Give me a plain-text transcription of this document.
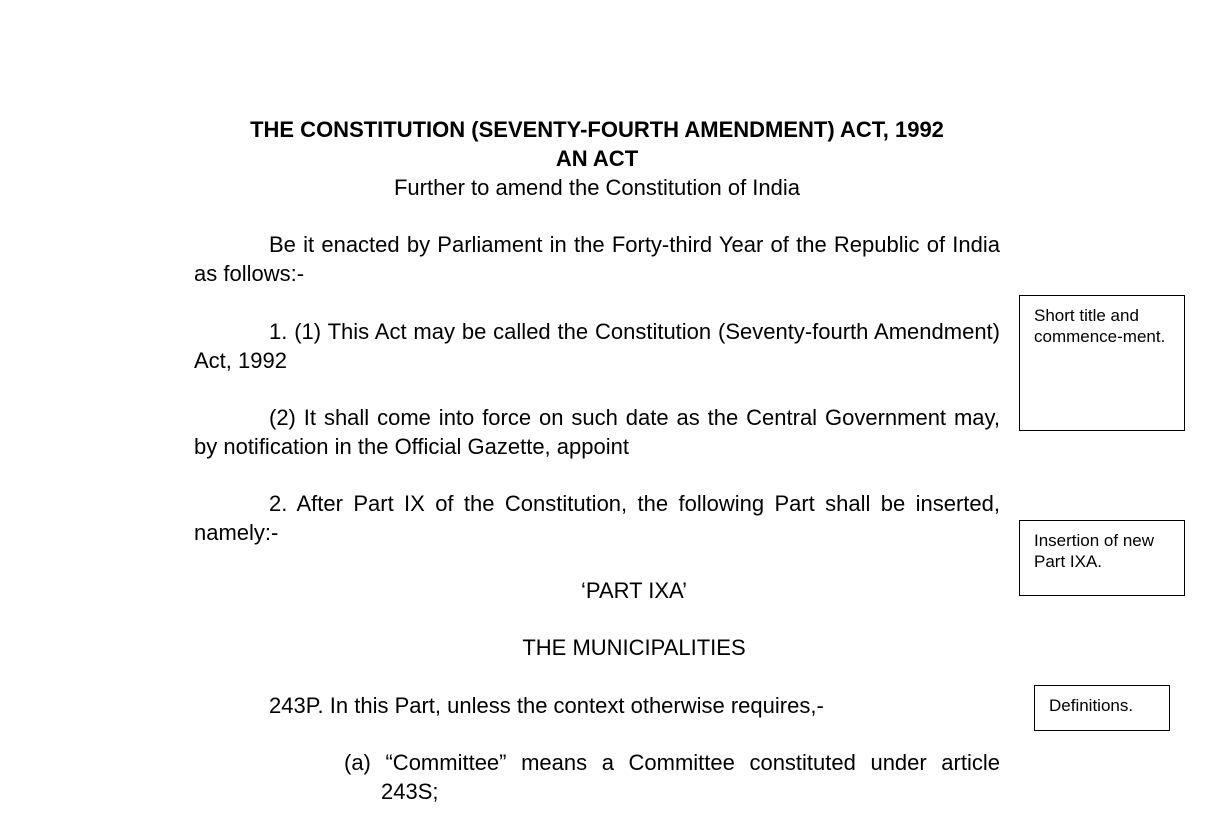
THE CONSTITUTION (SEVENTY-FOURTH AMENDMENT) ACT, 1992
AN ACT
Further to amend the Constitution of India
Be it enacted by Parliament in the Forty-third Year of the Republic of India as follows:-
1. (1) This Act may be called the Constitution (Seventy-fourth Amendment) Act, 1992
(2) It shall come into force on such date as the Central Government may, by notification in the Official Gazette, appoint
2. After Part IX of the Constitution, the following Part shall be inserted, namely:-
‘PART IXA’
THE MUNICIPALITIES
243P. In this Part, unless the context otherwise requires,-
(a) “Committee” means a Committee constituted under article 243S;
Short title and commence-ment.
Insertion of new Part IXA.
Definitions.
